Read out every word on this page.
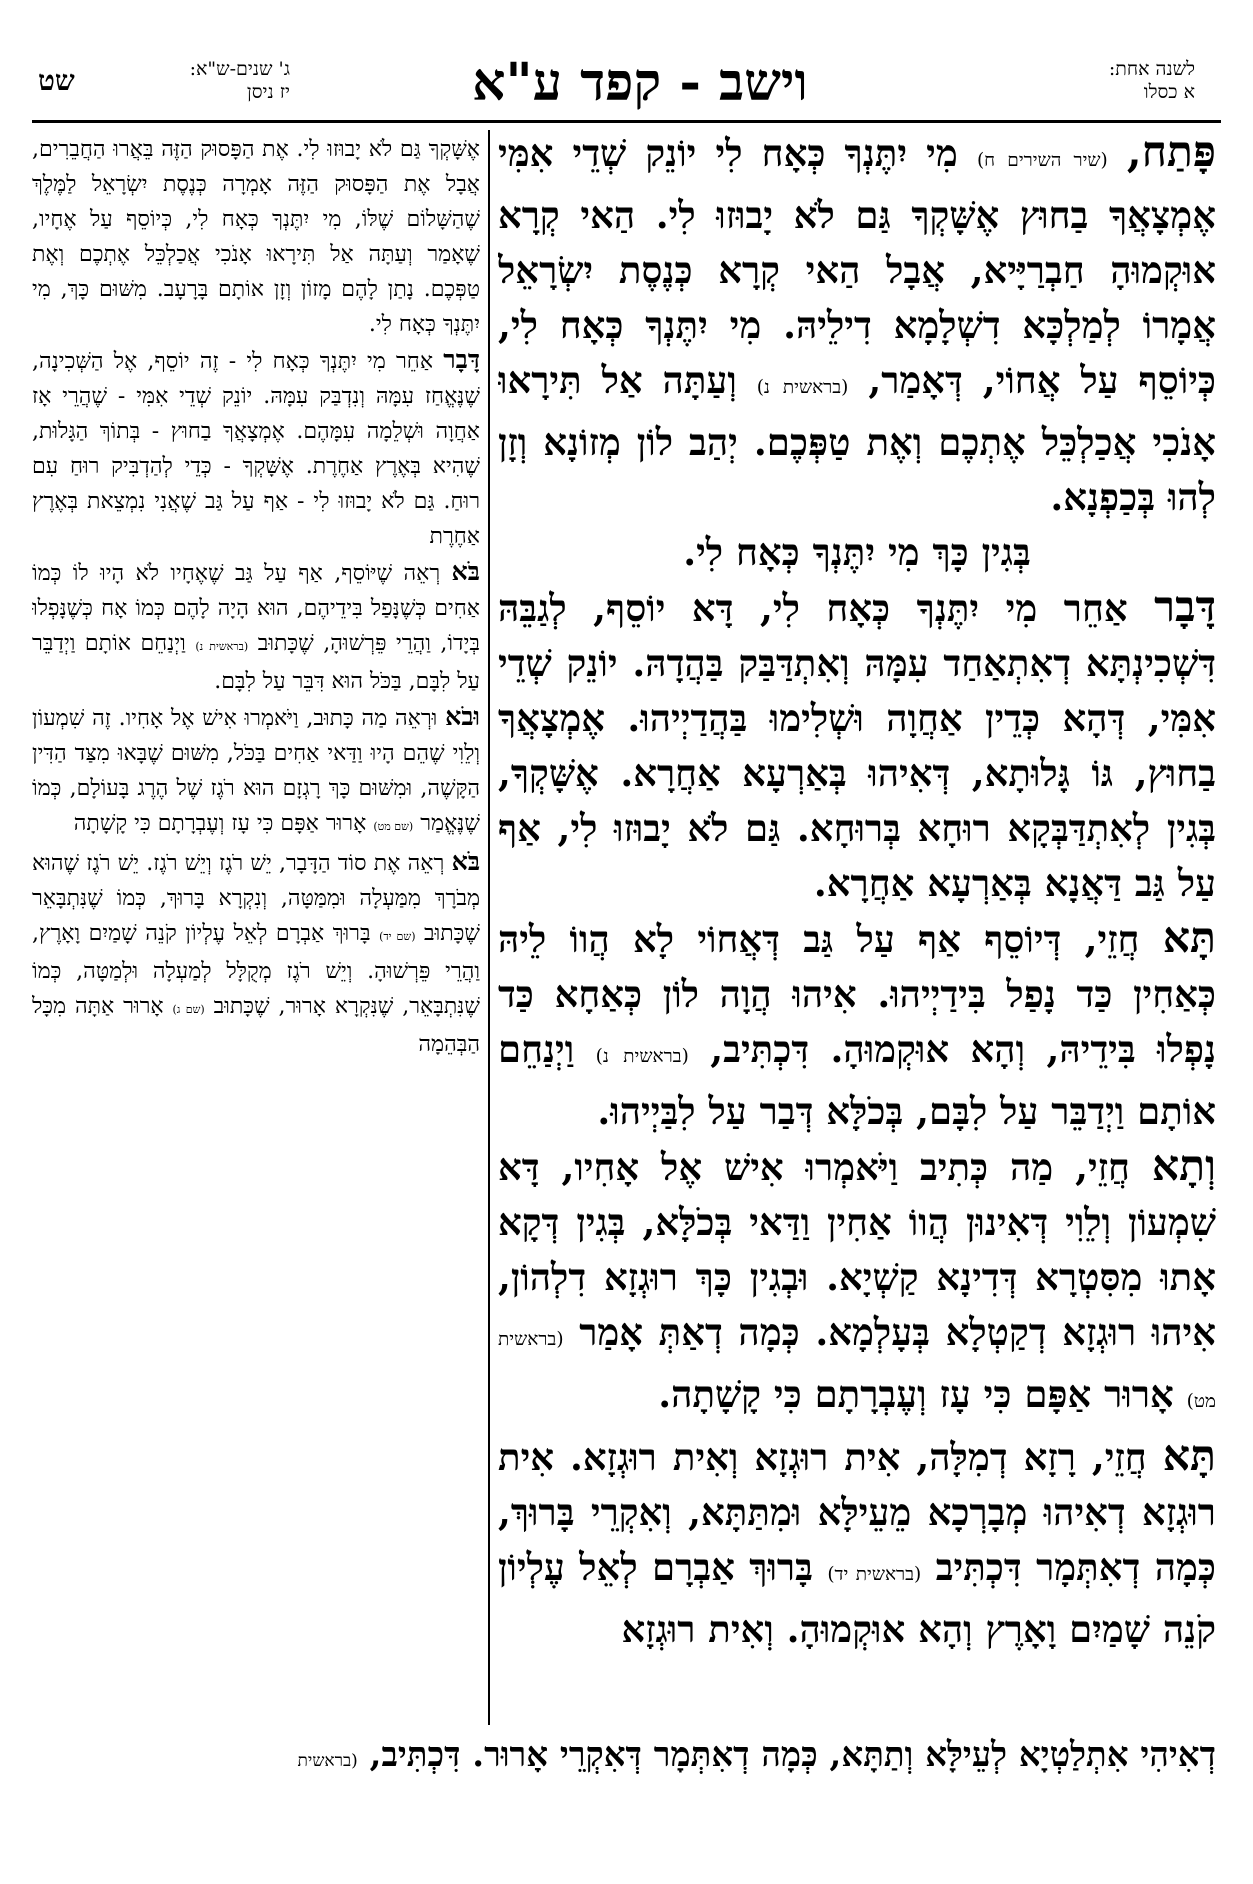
שט	ג' שנים-ש"א:
יז ניסן	וישב - קפד ע"א	לשנה אחת:
א כסלו

פָּתַח, (שיר השירים ח) מִי יִתֶּנְךָ כְּאָח לִי יוֹנֵק שְׁדֵי אִמִּי אֶמְצָאֲךָ בַחוּץ אֶשָּׁקְךָ גַּם לֹא יָבוּזוּ לִי. הַאי קְרָא אוּקְמוּהָ חַבְרַיָּיא, אֲבָל הַאי קְרָא כְּנֶסֶת יִשְׂרָאֵל אֲמָרוֹ לְמַלְכָּא דִשְׁלָמָא דִילֵיהּ. מִי יִתֶּנְךָ כְּאָח לִי, כְּיוֹסֵף עַל אֲחוֹי, דְּאָמַר, (בראשית נ) וְעַתָּה אַל תִּירָאוּ אָנֹכִי אֲכַלְכֵּל אֶתְכֶם וְאֶת טַפְּכֶם. יְהַב לוֹן מְזוֹנָא וְזָן לְהוּ בְּכַפְנָא.

בְּגִין כָּךְ מִי יִתֶּנְךָ כְּאָח לִי.

דָּבָר אַחֵר מִי יִתֶּנְךָ כְּאָח לִי, דָּא יוֹסֵף, לְגַבֵּהּ דִּשְׁכִינְתָּא דְאִתְאַחַד עִמָּהּ וְאִתְדַּבַּק בַּהֲדָהּ. יוֹנֵק שְׁדֵי אִמִּי, דְּהָא כְּדֵין אַחֲוָה וּשְׁלִימוּ בַּהֲדַיְיהוּ. אֶמְצָאֲךָ בַחוּץ, גּוֹ גָּלוּתָא, דְּאִיהוּ בְּאַרְעָא אַחֲרָא. אֶשָּׁקְךָ, בְּגִין לְאִתְדַּבְּקָא רוּחָא בְּרוּחָא. גַּם לֹא יָבוּזוּ לִי, אַף עַל גַּב דַּאֲנָא בְּאַרְעָא אַחֲרָא.

תָּא חֲזֵי, דְּיוֹסֵף אַף עַל גַּב דְּאֲחוֹי לָא הֲווֹ לֵיהּ כְּאַחִין כַּד נָפַל בִּידַיְיהוּ. אִיהוּ הֲוָה לוֹן כְּאַחָא כַּד נָפְלוּ בִּידֵיהּ, וְהָא אוּקְמוּהָ. דִּכְתִּיב, (בראשית נ) וַיְנַחֵם אוֹתָם וַיְדַבֵּר עַל לִבָּם, בְּכֹלָּא דְּבַר עַל לִבַּיְיהוּ.

וְתָא חֲזֵי, מַה כְּתִיב וַיֹּאמְרוּ אִישׁ אֶל אָחִיו, דָּא שִׁמְעוֹן וְלֵוִי דְּאִינוּן הֲווֹ אַחִין וַדַּאי בְּכֹלָּא, בְּגִין דְּקָא אָתוּ מִסִּטְרָא דְּדִינָא קַשְׁיָא. וּבְגִין כָּךְ רוּגְזָא דִלְהוֹן, אִיהוּ רוּגְזָא דְקַטְלָא בְּעָלְמָא. כְּמָה דְאַתְּ אָמַר (בראשית מט) אָרוּר אַפָּם כִּי עָז וְעֶבְרָתָם כִּי קָשָׁתָה.

תָּא חֲזֵי, רָזָא דְמִלָּה, אִית רוּגְזָא וְאִית רוּגְזָא. אִית רוּגְזָא דְאִיהוּ מְבָרְכָא מֵעֵילָּא וּמִתַּתָּא, וְאִקְרֵי בָּרוּךְ, כְּמָה דְאִתְּמָר דִּכְתִּיב (בראשית יד) בָּרוּךְ אַבְרָם לְאֵל עֶלְיוֹן קֹנֵה שָׁמַיִם וָאָרֶץ וְהָא אוּקְמוּהָ. וְאִית רוּגְזָא

אֶשָּׁקְךָ גַּם לֹא יָבוּזוּ לִי. אֶת הַפָּסוּק הַזֶּה בֵּאֲרוּ הַחֲבֵרִים, אֲבָל אֶת הַפָּסוּק הַזֶּה אָמְרָה כְּנֶסֶת יִשְׂרָאֵל לַמֶּלֶךְ שֶׁהַשָּׁלוֹם שֶׁלּוֹ, מִי יִתֶּנְךָ כְּאָח לִי, כְּיוֹסֵף עַל אֶחָיו, שֶׁאָמַר וְעַתָּה אַל תִּירָאוּ אָנֹכִי אֲכַלְכֵּל אֶתְכֶם וְאֶת טַפְּכֶם. נָתַן לָהֶם מָזוֹן וְזָן אוֹתָם בָּרָעָב. מִשּׁוּם כָּךְ, מִי יִתֶּנְךָ כְּאָח לִי.

דָּבָר אַחֵר מִי יִתֶּנְךָ כְּאָח לִי - זֶה יוֹסֵף, אֶל הַשְּׁכִינָה, שֶׁנֶּאֱחַז עִמָּהּ וְנִדְבַּק עִמָּהּ. יוֹנֵק שְׁדֵי אִמִּי - שֶׁהֲרֵי אָז אַחֲוָה וּשְׁלֵמָה עִמָּהֶם. אֶמְצָאֲךָ בַחוּץ - בְּתוֹךְ הַגָּלוּת, שֶׁהִיא בְּאֶרֶץ אַחֶרֶת. אֶשָּׁקְךָ - כְּדֵי לְהַדְבִּיק רוּחַ עִם רוּחַ. גַּם לֹא יָבוּזוּ לִי - אַף עַל גַּב שֶׁאֲנִי נִמְצֵאת בְּאֶרֶץ אַחֶרֶת

בֹּא רְאֵה שֶׁיּוֹסֵף, אַף עַל גַּב שֶׁאֶחָיו לֹא הָיוּ לוֹ כְּמוֹ אַחִים כְּשֶׁנָּפַל בִּידֵיהֶם, הוּא הָיָה לָהֶם כְּמוֹ אָח כְּשֶׁנָּפְלוּ בְּיָדוֹ, וַהֲרֵי פֵּרְשׁוּהָ, שֶׁכָּתוּב (בראשית נ) וַיְנַחֵם אוֹתָם וַיְדַבֵּר עַל לִבָּם, בַּכֹּל הוּא דִּבֵּר עַל לִבָּם.

וּבֹא וּרְאֵה מַה כָּתוּב, וַיֹּאמְרוּ אִישׁ אֶל אָחִיו. זֶה שִׁמְעוֹן וְלֵוִי שֶׁהֵם הָיוּ וַדַּאי אַחִים בַּכֹּל, מִשּׁוּם שֶׁבָּאוּ מִצַּד הַדִּין הַקָּשֶׁה, וּמִשּׁוּם כָּךְ רָגְזָם הוּא רֹגֶז שֶׁל הֶרֶג בָּעוֹלָם, כְּמוֹ שֶׁנֶּאֱמַר (שם מט) אָרוּר אַפָּם כִּי עָז וְעֶבְרָתָם כִּי קָשָׁתָה

בֹּא רְאֵה אֶת סוֹד הַדָּבָר, יֵשׁ רֹגֶז וְיֵשׁ רֹגֶז. יֵשׁ רֹגֶז שֶׁהוּא מְבֹרָךְ מִמַּעְלָה וּמִמַּטָּה, וְנִקְרָא בָּרוּךְ, כְּמוֹ שֶׁנִּתְבָּאֵר שֶׁכָּתוּב (שם יד) בָּרוּךְ אַבְרָם לְאֵל עֶלְיוֹן קֹנֵה שָׁמַיִם וָאָרֶץ, וַהֲרֵי פֵּרְשׁוּהָ. וְיֵשׁ רֹגֶז מְקֻלָּל לְמַעְלָה וּלְמַטָּה, כְּמוֹ שֶׁנִּתְבָּאֵר, שֶׁנִּקְרָא אָרוּר, שֶׁכָּתוּב (שם ג) אָרוּר אַתָּה מִכָּל הַבְּהֵמָה

דְאִיהִי אִתְלַטְיָא לְעֵילָּא וְתַתָּא, כְּמָה דְאִתְּמָר דְּאִקְרֵי אָרוּר. דִּכְתִּיב, (בראשית
